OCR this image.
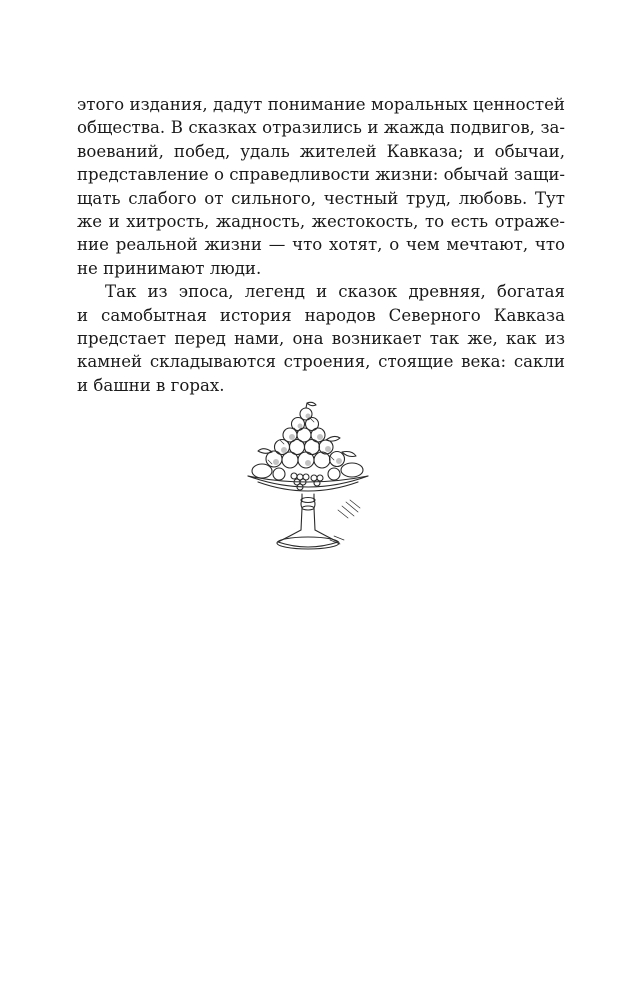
этого издания, дадут понимание моральных ценностей
общества. В сказках отразились и жажда подвигов, за-
воеваний, побед, удаль жителей Кавказа; и обычаи,
представление о справедливости жизни: обычай защи-
щать слабого от сильного, честный труд, любовь. Тут
же и хитрость, жадность, жестокость, то есть отраже-
ние реальной жизни — что хотят, о чем мечтают, что
не принимают люди.
Так из эпоса, легенд и сказок древняя, богатая
и самобытная история народов Северного Кавказа
предстает перед нами, она возникает так же, как из
камней складываются строения, стоящие века: сакли
и башни в горах.
